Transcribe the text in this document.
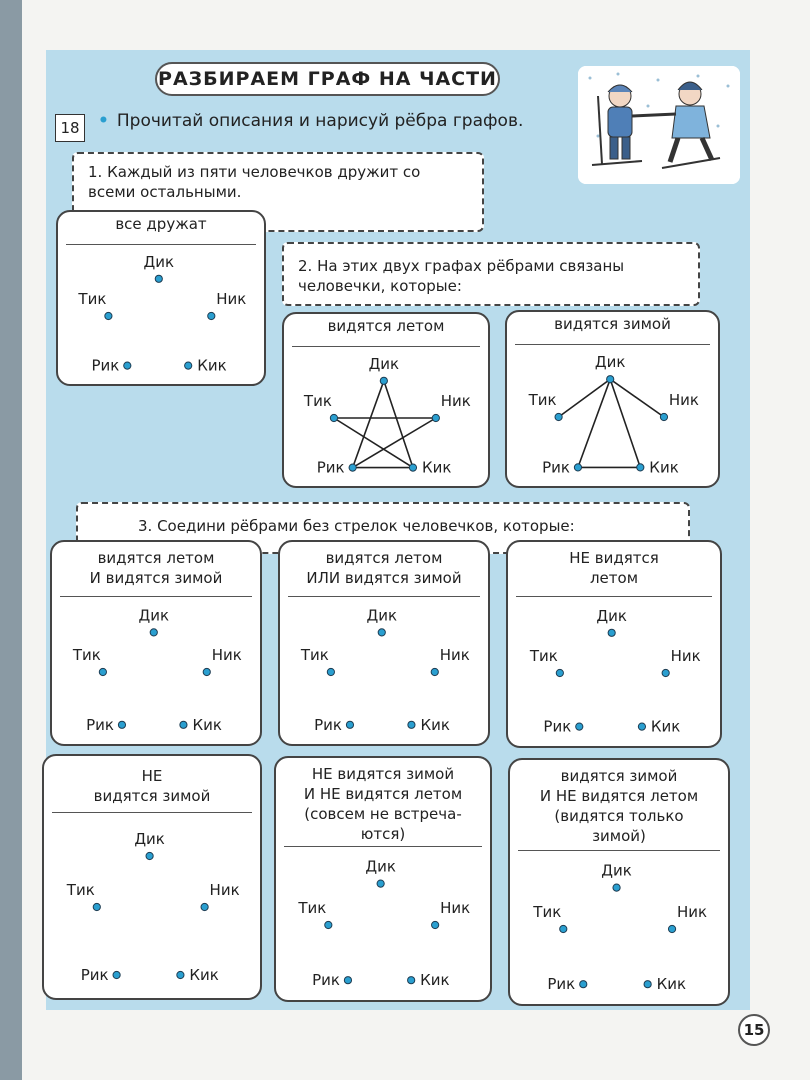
РАЗБИРАЕМ ГРАФ НА ЧАСТИ
18	• Прочитай описания и нарисуй рёбра графов.
1. Каждый из пяти человечков дружит со
всеми остальными.
все дружат
Дик
Тик	Ник
Рик	Кик
2. На этих двух графах рёбрами связаны
человечки, которые:
видятся летом
Дик
Тик	Ник
Рик	Кик
видятся зимой
Дик
Тик	Ник
Рик	Кик
3. Соедини рёбрами без стрелок человечков, которые:
видятся летом
И видятся зимой
Дик
Тик	Ник
Рик	Кик
видятся летом
ИЛИ видятся зимой
Дик
Тик	Ник
Рик	Кик
НЕ видятся
летом
Дик
Тик	Ник
Рик	Кик
НЕ
видятся зимой
Дик
Тик	Ник
Рик	Кик
НЕ видятся зимой
И НЕ видятся летом
(совсем не встреча-
ются)
Дик
Тик	Ник
Рик	Кик
видятся зимой
И НЕ видятся летом
(видятся только
зимой)
Дик
Тик	Ник
Рик	Кик
15
